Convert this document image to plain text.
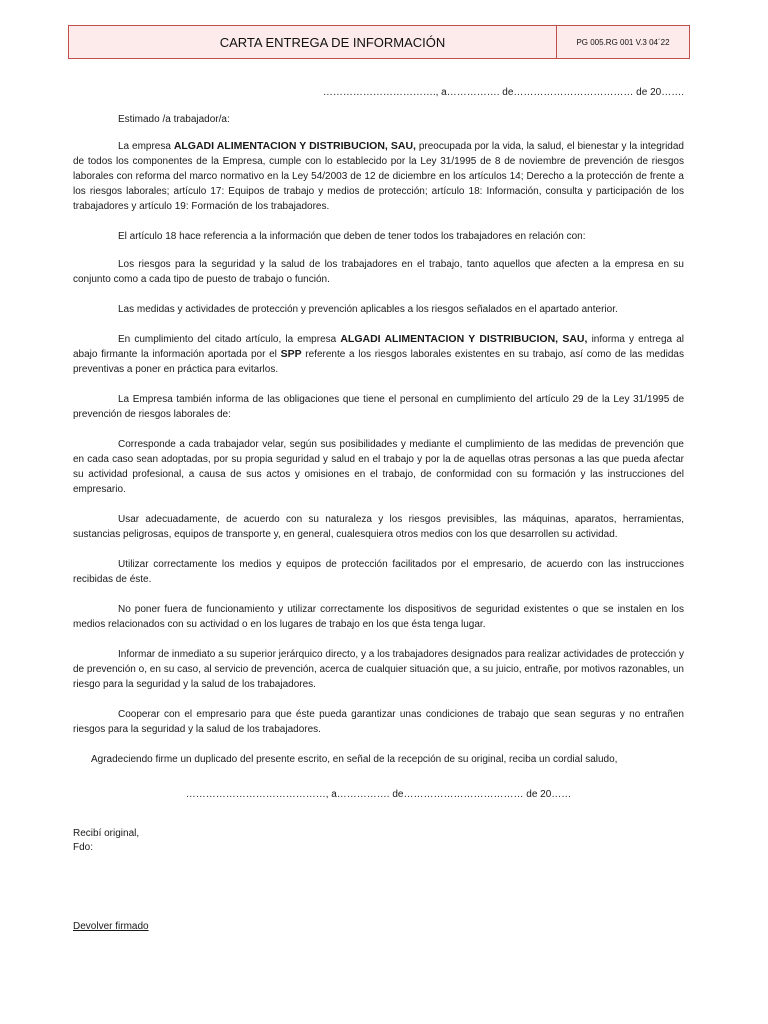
CARTA ENTREGA DE INFORMACIÓN	PG 005.RG 001 V.3 04´22

……………………………., a……………. de……………………………… de 20…….

Estimado /a trabajador/a:

La empresa ALGADI ALIMENTACION Y DISTRIBUCION, SAU, preocupada por la vida, la salud, el bienestar y la integridad de todos los componentes de la Empresa, cumple con lo establecido por la Ley 31/1995 de 8 de noviembre de prevención de riesgos laborales con reforma del marco normativo en la Ley 54/2003 de 12 de diciembre en los artículos 14; Derecho a la protección de frente a los riesgos laborales; artículo 17: Equipos de trabajo y medios de protección; artículo 18: Información, consulta y participación de los trabajadores y artículo 19: Formación de los trabajadores.

El artículo 18 hace referencia a la información que deben de tener todos los trabajadores en relación con:

Los riesgos para la seguridad y la salud de los trabajadores en el trabajo, tanto aquellos que afecten a la empresa en su conjunto como a cada tipo de puesto de trabajo o función.

Las medidas y actividades de protección y prevención aplicables a los riesgos señalados en el apartado anterior.

En cumplimiento del citado artículo, la empresa ALGADI ALIMENTACION Y DISTRIBUCION, SAU, informa y entrega al abajo firmante la información aportada por el SPP referente a los riesgos laborales existentes en su trabajo, así como de las medidas preventivas a poner en práctica para evitarlos.

La Empresa también informa de las obligaciones que tiene el personal en cumplimiento del artículo 29 de la Ley 31/1995 de prevención de riesgos laborales de:

Corresponde a cada trabajador velar, según sus posibilidades y mediante el cumplimiento de las medidas de prevención que en cada caso sean adoptadas, por su propia seguridad y salud en el trabajo y por la de aquellas otras personas a las que pueda afectar su actividad profesional, a causa de sus actos y omisiones en el trabajo, de conformidad con su formación y las instrucciones del empresario.

Usar adecuadamente, de acuerdo con su naturaleza y los riesgos previsibles, las máquinas, aparatos, herramientas, sustancias peligrosas, equipos de transporte y, en general, cualesquiera otros medios con los que desarrollen su actividad.

Utilizar correctamente los medios y equipos de protección facilitados por el empresario, de acuerdo con las instrucciones recibidas de éste.

No poner fuera de funcionamiento y utilizar correctamente los dispositivos de seguridad existentes o que se instalen en los medios relacionados con su actividad o en los lugares de trabajo en los que ésta tenga lugar.

Informar de inmediato a su superior jerárquico directo, y a los trabajadores designados para realizar actividades de protección y de prevención o, en su caso, al servicio de prevención, acerca de cualquier situación que, a su juicio, entrañe, por motivos razonables, un riesgo para la seguridad y la salud de los trabajadores.

Cooperar con el empresario para que éste pueda garantizar unas condiciones de trabajo que sean seguras y no entrañen riesgos para la seguridad y la salud de los trabajadores.

Agradeciendo firme un duplicado del presente escrito, en señal de la recepción de su original, reciba un cordial saludo,

……………………………………, a……………. de……………………………… de 20……

Recibí original,

Fdo:

Devolver firmado
